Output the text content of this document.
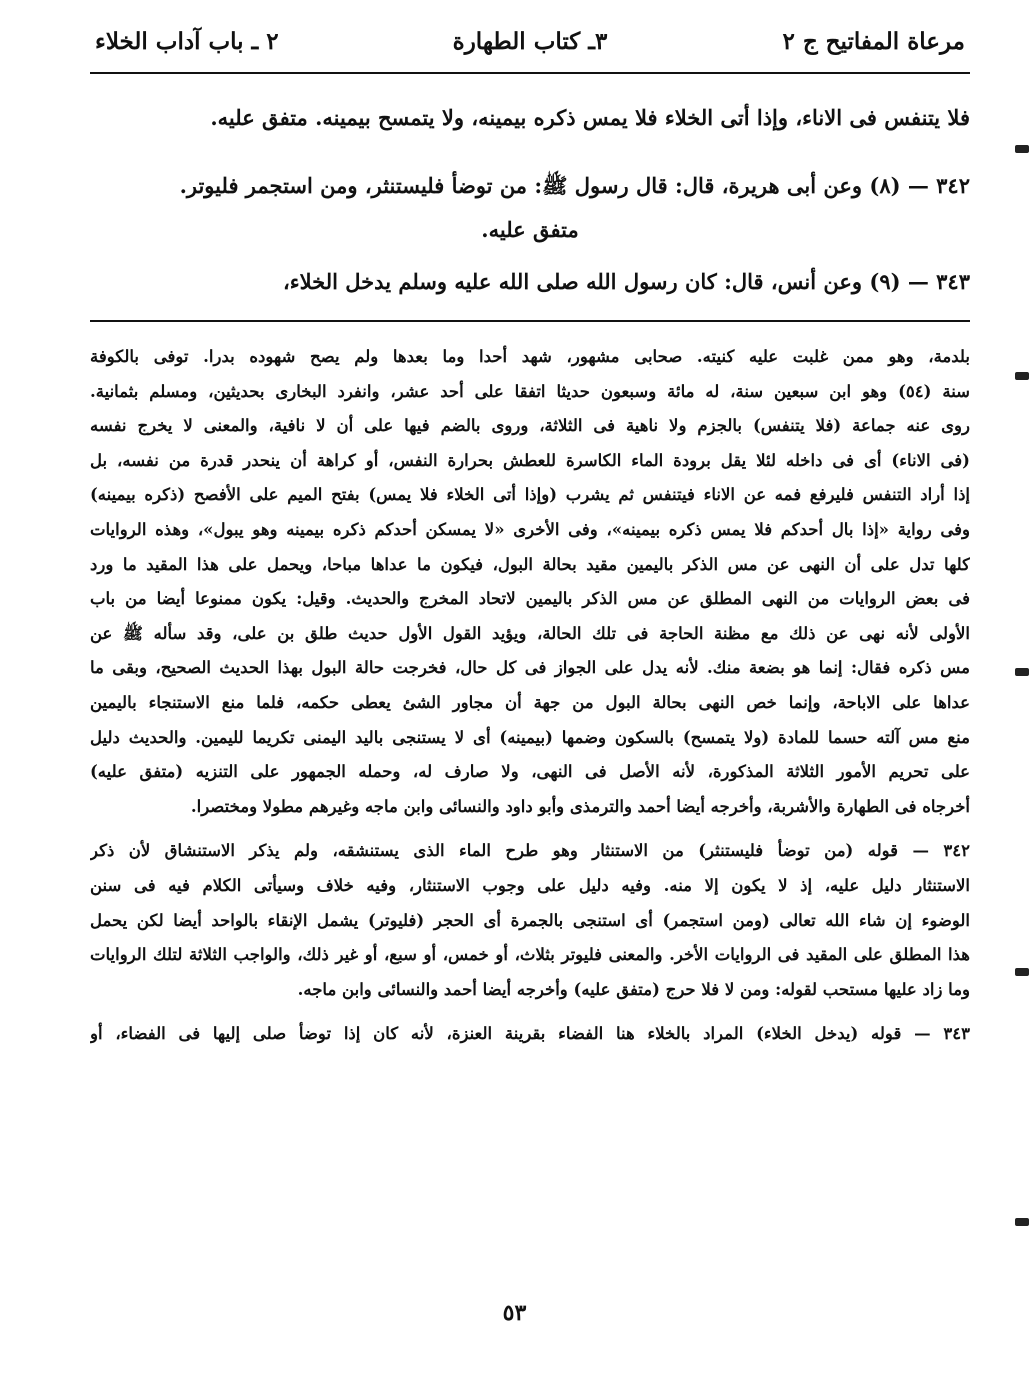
مرعاة المفاتيح ج ٢
٣ـ كتاب الطهارة
٢ ـ باب آداب الخلاء

فلا يتنفس فى الاناء، وإذا أتى الخلاء فلا يمس ذكره بيمينه، ولا يتمسح بيمينه. متفق عليه.

٣٤٢ — (٨) وعن أبى هريرة، قال: قال رسول ﷺ: من توضأ فليستنثر، ومن استجمر فليوتر.

متفق عليه.

٣٤٣ — (٩) وعن أنس، قال: كان رسول الله صلى الله عليه وسلم يدخل الخلاء،

بلدمة، وهو ممن غلبت عليه كنيته. صحابى مشهور، شهد أحدا وما بعدها ولم يصح شهوده بدرا. توفى بالكوفة
سنة (٥٤) وهو ابن سبعين سنة، له مائة وسبعون حديثا اتفقا على أحد عشر، وانفرد البخارى بحديثين، ومسلم بثمانية.
روى عنه جماعة (فلا يتنفس) بالجزم ولا ناهية فى الثلاثة، وروى بالضم فيها على أن لا نافية، والمعنى لا يخرج نفسه
(فى الاناء) أى فى داخله لئلا يقل برودة الماء الكاسرة للعطش بحرارة النفس، أو كراهة أن ينحدر قدرة من نفسه، بل
إذا أراد التنفس فليرفع فمه عن الاناء فيتنفس ثم يشرب (وإذا أتى الخلاء فلا يمس) بفتح الميم على الأفصح (ذكره بيمينه)
وفى رواية «إذا بال أحدكم فلا يمس ذكره بيمينه»، وفى الأخرى «لا يمسكن أحدكم ذكره بيمينه وهو يبول»، وهذه الروايات
كلها تدل على أن النهى عن مس الذكر باليمين مقيد بحالة البول، فيكون ما عداها مباحا، ويحمل على هذا المقيد ما ورد
فى بعض الروايات من النهى المطلق عن مس الذكر باليمين لاتحاد المخرج والحديث. وقيل: يكون ممنوعا أيضا من باب
الأولى لأنه نهى عن ذلك مع مظنة الحاجة فى تلك الحالة، ويؤيد القول الأول حديث طلق بن على، وقد سأله ﷺ عن
مس ذكره فقال: إنما هو بضعة منك. لأنه يدل على الجواز فى كل حال، فخرجت حالة البول بهذا الحديث الصحيح، وبقى ما
عداها على الاباحة، وإنما خص النهى بحالة البول من جهة أن مجاور الشئ يعطى حكمه، فلما منع الاستنجاء باليمين
منع مس آلته حسما للمادة (ولا يتمسح) بالسكون وضمها (بيمينه) أى لا يستنجى باليد اليمنى تكريما لليمين. والحديث دليل
على تحريم الأمور الثلاثة المذكورة، لأنه الأصل فى النهى، ولا صارف له، وحمله الجمهور على التنزيه (متفق عليه)
أخرجاه فى الطهارة والأشربة، وأخرجه أيضا أحمد والترمذى وأبو داود والنسائى وابن ماجه وغيرهم مطولا ومختصرا.
٣٤٢ — قوله (من توضأ فليستنثر) من الاستنثار وهو طرح الماء الذى يستنشقه، ولم يذكر الاستنشاق لأن ذكر
الاستنثار دليل عليه، إذ لا يكون إلا منه. وفيه دليل على وجوب الاستنثار، وفيه خلاف وسيأتى الكلام فيه فى سنن
الوضوء إن شاء الله تعالى (ومن استجمر) أى استنجى بالجمرة أى الحجر (فليوتر) يشمل الإنقاء بالواحد أيضا لكن يحمل
هذا المطلق على المقيد فى الروايات الأخر. والمعنى فليوتر بثلاث، أو خمس، أو سبع، أو غير ذلك، والواجب الثلاثة لتلك الروايات
وما زاد عليها مستحب لقوله: ومن لا فلا حرج (متفق عليه) وأخرجه أيضا أحمد والنسائى وابن ماجه.
٣٤٣ — قوله (يدخل الخلاء) المراد بالخلاء هنا الفضاء بقرينة العنزة، لأنه كان إذا توضأ صلى إليها فى الفضاء، أو
٥٣
